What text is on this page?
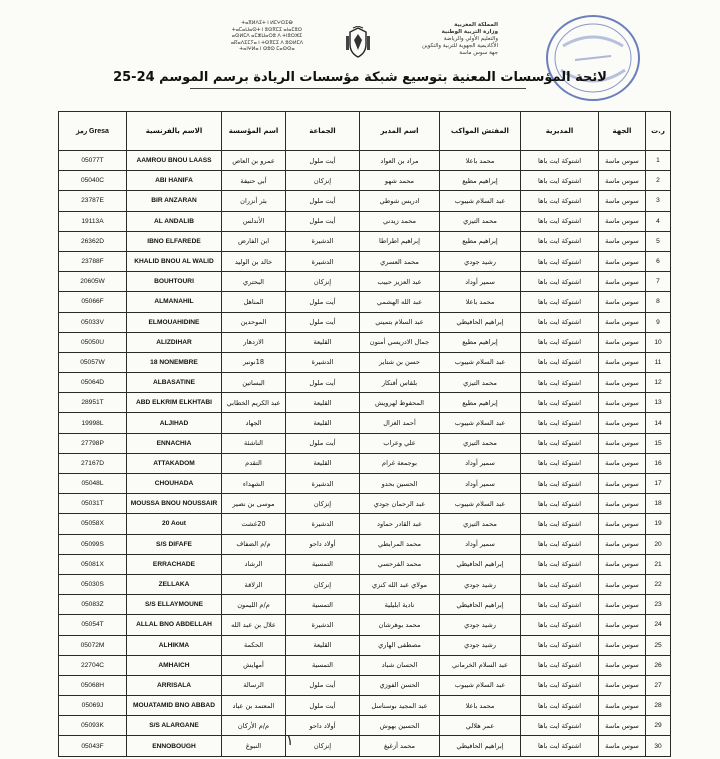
ⵜⴰⴳⵍⴷⵉⵜ ⵏ ⵍⵎⵖⵔⵉⴱ
ⵜⴰⵎⴰⵡⴰⵙⵜ ⵏ ⵓⵙⴳⵎⵉ ⴰⵏⴰⵎⵓⵔ
ⴰⵙⵍⵎⴷ ⴰⵎⵣⵡⴰⵔⵓ ⴷ ⵜⵏⵓⵔⵣⵉ
ⴰⴽⴰⴷⵉⵎⵢⴰ ⵏ ⵜⵙⴳⵎⵉ ⴷ ⵓⵙⵍⵎⴷ
ⵜⴰⵏⵖⵍⴰ ⵏ ⵙⵓⵙ ⵎⴰⵙⵙⴰ
المملكة المغربية
وزارة التربية الوطنية
والتعليم الأولي والرياضة
الأكاديمية الجهوية للتربية والتكوين
جهة سوس ماسة
لائحة المؤسسات المعنية بتوسيع شبكة مؤسسات الريادة برسم الموسم 24-25
رمز Gresa	الاسم بالفرنسية	اسم المؤسسة	الجماعة	اسم المدير	المفتش المواكب	المديرية	الجهة	ر.ت
05077T	AAMROU BNOU LAASS	عمرو بن العاص	أيت ملول	مراد بن العواد	محمد باعلا	اشتوكة ايت باها	سوس ماسة	1
05040C	ABI HANIFA	أبي حنيفة	إنزكان	محمد شهو	إبراهيم مطيع	اشتوكة ايت باها	سوس ماسة	2
23787E	BIR ANZARAN	بئر أنزران	أيت ملول	ادريس شوطي	عبد السلام شيبوب	اشتوكة ايت باها	سوس ماسة	3
19113A	AL ANDALIB	الأندلس	أيت ملول	محمد زيدني	محمد التيزي	اشتوكة ايت باها	سوس ماسة	4
26362D	IBNO ELFAREDE	ابن الفارض	الدشيرة	إبراهيم اطراطا	إبراهيم مطيع	اشتوكة ايت باها	سوس ماسة	5
23788F	KHALID BNOU AL WALID	خالد بن الوليد	الدشيرة	محمد العسري	رشيد جودي	اشتوكة ايت باها	سوس ماسة	6
20605W	BOUHTOURI	البحتري	إنزكان	عبد العزيز حبيب	سمير أوداد	اشتوكة ايت باها	سوس ماسة	7
05066F	ALMANAHIL	المناهل	أيت ملول	عبد الله الهشمي	محمد باعلا	اشتوكة ايت باها	سوس ماسة	8
05033V	ELMOUAHIDINE	الموحدين	أيت ملول	عبد السلام بتميني	إبراهيم الحافيظي	اشتوكة ايت باها	سوس ماسة	9
05050U	ALIZDIHAR	الازدهار	القليعة	جمال الادريسي أمنون	إبراهيم مطيع	اشتوكة ايت باها	سوس ماسة	10
05057W	18 NONEMBRE	18نونبر	الدشيرة	حسن بن شتاير	عبد السلام شيبوب	اشتوكة ايت باها	سوس ماسة	11
05064D	ALBASATINE	البساتين	أيت ملول	بلقاس أفنكار	محمد التيزي	اشتوكة ايت باها	سوس ماسة	12
28951T	ABD ELKRIM ELKHTABI	عبد الكريم الخطابي	القليعة	المحفوظ لهرويش	إبراهيم مطيع	اشتوكة ايت باها	سوس ماسة	13
19998L	ALJIHAD	الجهاد	القليعة	أحمد الغزال	عبد السلام شيبوب	اشتوكة ايت باها	سوس ماسة	14
27798P	ENNACHIA	الناشئة	أيت ملول	علي وعراب	محمد التيزي	اشتوكة ايت باها	سوس ماسة	15
27167D	ATTAKADOM	التقدم	القليعة	بوجمعة غرام	سمير أوداد	اشتوكة ايت باها	سوس ماسة	16
05048L	CHOUHADA	الشهداء	الدشيرة	الحسين بحدو	سمير أوداد	اشتوكة ايت باها	سوس ماسة	17
05031T	MOUSSA BNOU NOUSSAIR	موسى بن نصير	إنزكان	عبد الرحمان جودي	عبد السلام شيبوب	اشتوكة ايت باها	سوس ماسة	18
05058X	20 Aout	20غشت	الدشيرة	عبد القادر حماود	محمد التيزي	اشتوكة ايت باها	سوس ماسة	19
05099S	S/S DIFAFE	م/م الضفاف	أولاد داحو	محمد المرابطي	سمير أوداد	اشتوكة ايت باها	سوس ماسة	20
05081X	ERRACHADE	الرشاد	التمسية	محمد الفرحسي	إبراهيم الحافيظي	اشتوكة ايت باها	سوس ماسة	21
05030S	ZELLAKA	الزلاقة	إنزكان	مولاي عبد الله كنزي	رشيد جودي	اشتوكة ايت باها	سوس ماسة	22
05083Z	S/S ELLAYMOUNE	م/م الليمون	التمسية	نادية ابليلية	إبراهيم الحافيظي	اشتوكة ايت باها	سوس ماسة	23
05054T	ALLAL BNO ABDELLAH	علال بن عبد الله	الدشيرة	محمد بوهرشان	رشيد جودي	اشتوكة ايت باها	سوس ماسة	24
05072M	ALHIKMA	الحكمة	القليعة	مصطفى الهاري	رشيد جودي	اشتوكة ايت باها	سوس ماسة	25
22704C	AMHAICH	أمهايش	التمسية	الحسان شباد	عبد السلام الخرماني	اشتوكة ايت باها	سوس ماسة	26
05068H	ARRISALA	الرسالة	أيت ملول	الحسن الفوزي	عبد السلام شيبوب	اشتوكة ايت باها	سوس ماسة	27
05069J	MOUATAMID BNO ABBAD	المعتمد بن عباد	أيت ملول	عبد المجيد بوسناسل	محمد باعلا	اشتوكة ايت باها	سوس ماسة	28
05093K	S/S ALARGANE	م/م الأركان	أولاد داحو	الحسين بهوش	عمر هلالي	اشتوكة ايت باها	سوس ماسة	29
05043F	ENNOBOUGH	النبوغ	إنزكان	محمد أزغيغ	إبراهيم الحافيظي	اشتوكة ايت باها	سوس ماسة	30
١
